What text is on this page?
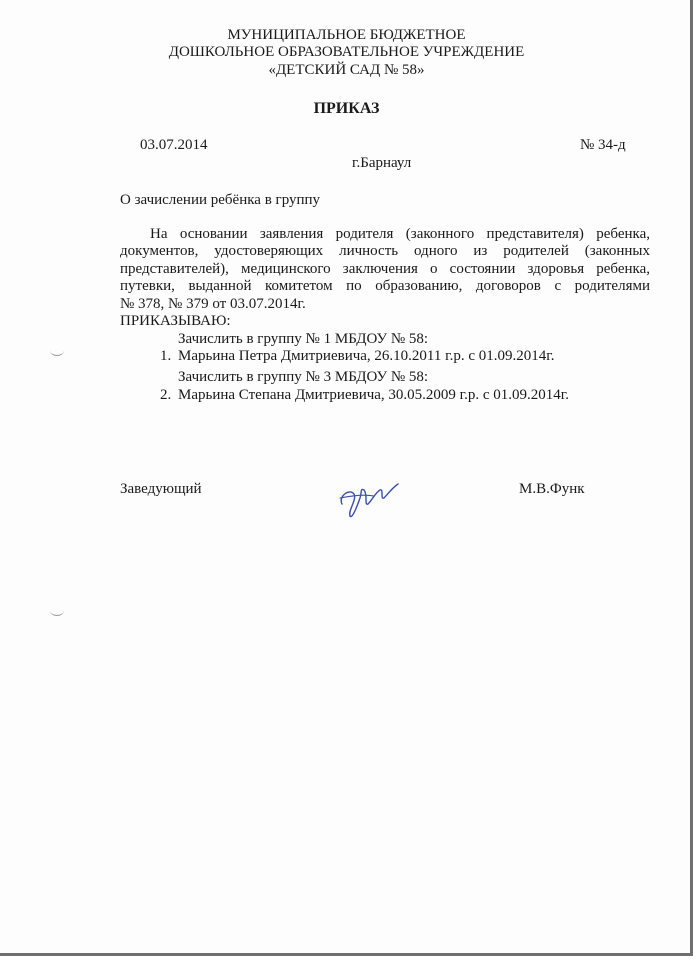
МУНИЦИПАЛЬНОЕ БЮДЖЕТНОЕ
ДОШКОЛЬНОЕ ОБРАЗОВАТЕЛЬНОЕ УЧРЕЖДЕНИЕ
«ДЕТСКИЙ САД № 58»
ПРИКАЗ
03.07.2014	№ 34-д
г.Барнаул
О зачислении ребёнка в группу
На основании заявления родителя (законного представителя) ребенка,
документов, удостоверяющих личность одного из родителей (законных
представителей), медицинского заключения о состоянии здоровья ребенка,
путевки, выданной комитетом по образованию, договоров с родителями
№ 378, № 379 от 03.07.2014г.
ПРИКАЗЫВАЮ:
Зачислить в группу № 1 МБДОУ № 58:
1. Марьина Петра Дмитриевича, 26.10.2011 г.р. с 01.09.2014г.
Зачислить в группу № 3 МБДОУ № 58:
2. Марьина Степана Дмитриевича, 30.05.2009 г.р. с 01.09.2014г.
Заведующий	М.В.Функ
